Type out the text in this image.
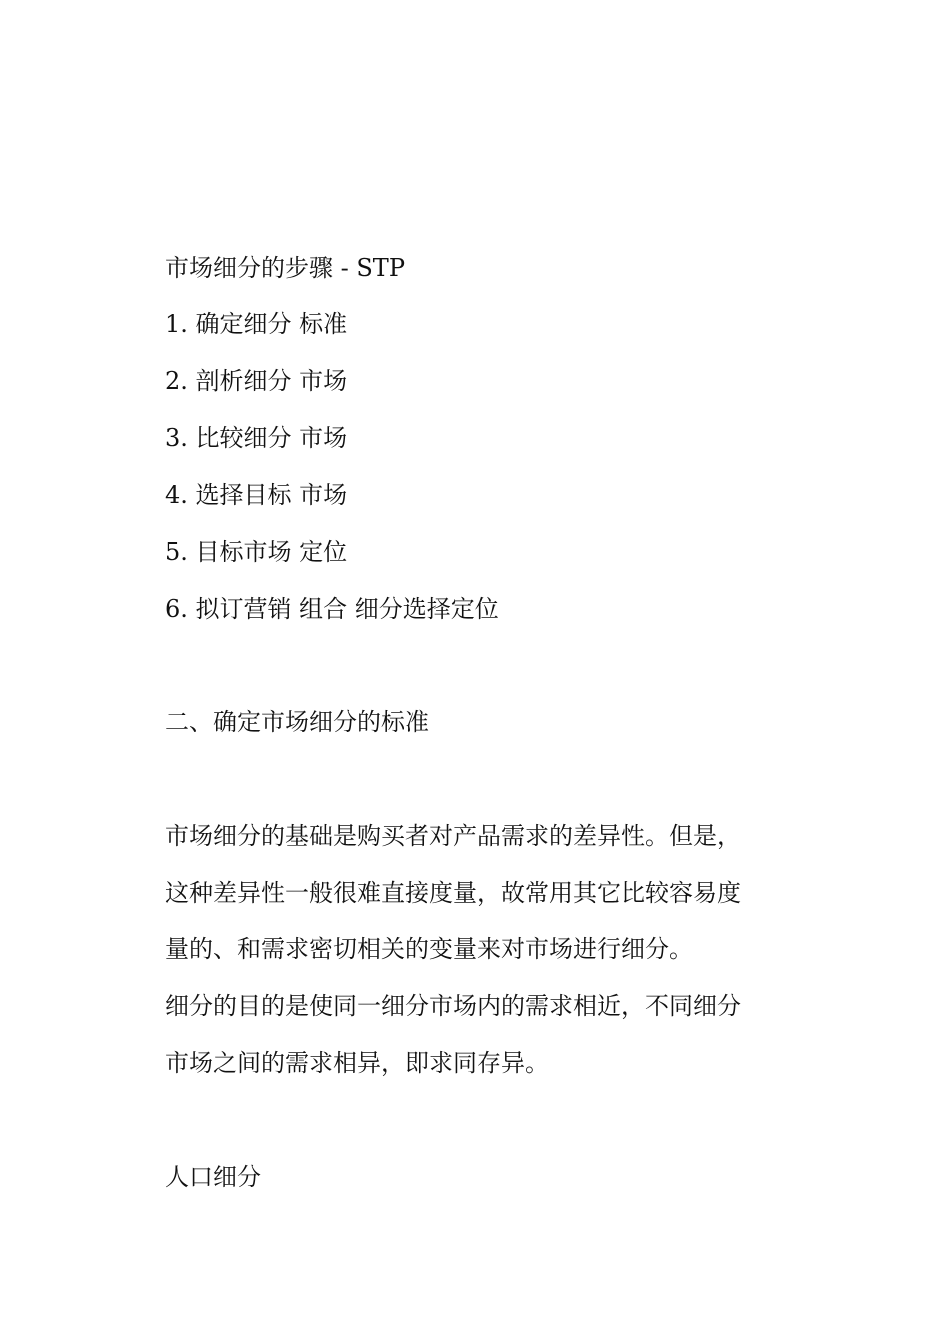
市场细分的步骤 - STP
1. 确定细分 标准
2. 剖析细分 市场
3. 比较细分 市场
4. 选择目标 市场
5. 目标市场 定位
6. 拟订营销 组合 细分选择定位
二、确定市场细分的标准
市场细分的基础是购买者对产品需求的差异性。但是，
这种差异性一般很难直接度量，故常用其它比较容易度
量的、和需求密切相关的变量来对市场进行细分。
细分的目的是使同一细分市场内的需求相近，不同细分
市场之间的需求相异，即求同存异。
人口细分
